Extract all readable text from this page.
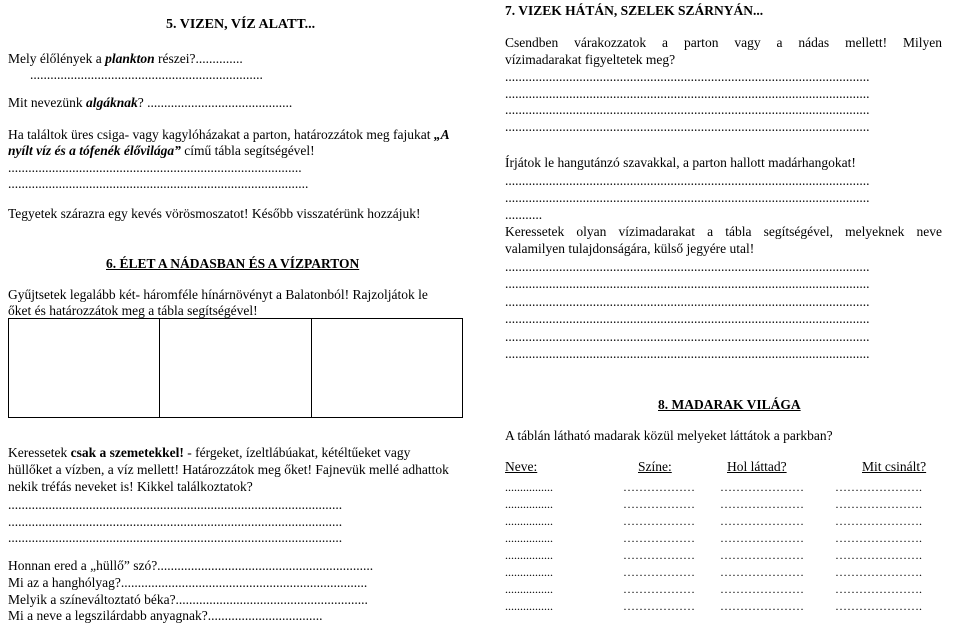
5. VIZEN, VÍZ ALATT...
Mely élőlények a plankton részei?..............
.....................................................................
Mit nevezünk algáknak? ...........................................
Ha találtok üres csiga- vagy kagylóházakat a parton, határozzátok meg fajukat „A
nyílt víz és a tófenék élővilága” című tábla segítségével!
.......................................................................................
.........................................................................................
Tegyetek szárazra egy kevés vörösmoszatot! Később visszatérünk hozzájuk!
6. ÉLET A NÁDASBAN ÉS A VÍZPARTON
Gyűjtsetek legalább két- háromféle hínárnövényt a Balatonból! Rajzoljátok le
őket és határozzátok meg a tábla segítségével!
Keressetek csak a szemetekkel! - férgeket, ízeltlábúakat, kétéltűeket vagy
hüllőket a vízben, a víz mellett! Határozzátok meg őket! Fajnevük mellé adhattok
nekik tréfás neveket is! Kikkel találkoztatok?
...................................................................................................
...................................................................................................
...................................................................................................
Honnan ered a „hüllő” szó?................................................................
Mi az a hanghólyag?.........................................................................
Melyik a színeváltoztató béka?.........................................................
Mi a neve a legszilárdabb anyagnak?..................................
7. VIZEK HÁTÁN, SZELEK SZÁRNYÁN...
Csendben várakozzatok a parton vagy a nádas mellett! Milyen
vízimadarakat figyeltetek meg?
............................................................................................................
............................................................................................................
............................................................................................................
............................................................................................................
Írjátok le hangutánzó szavakkal, a parton hallott madárhangokat!
............................................................................................................
............................................................................................................
...........
Keressetek olyan vízimadarakat a tábla segítségével, melyeknek neve
valamilyen tulajdonságára, külső jegyére utal!
............................................................................................................
............................................................................................................
............................................................................................................
............................................................................................................
............................................................................................................
............................................................................................................
8. MADARAK VILÁGA
A táblán látható madarak közül melyeket láttátok a parkban?
Neve:	Színe:	Hol láttad?	Mit csinált?
................	……………… …………………	………………….
................	……………… …………………	………………….
................	……………… …………………	………………….
................	……………… …………………	………………….
................	……………… …………………	………………….
................	……………… …………………	………………….
................	……………… …………………	………………….
................	……………… …………………	………………….
